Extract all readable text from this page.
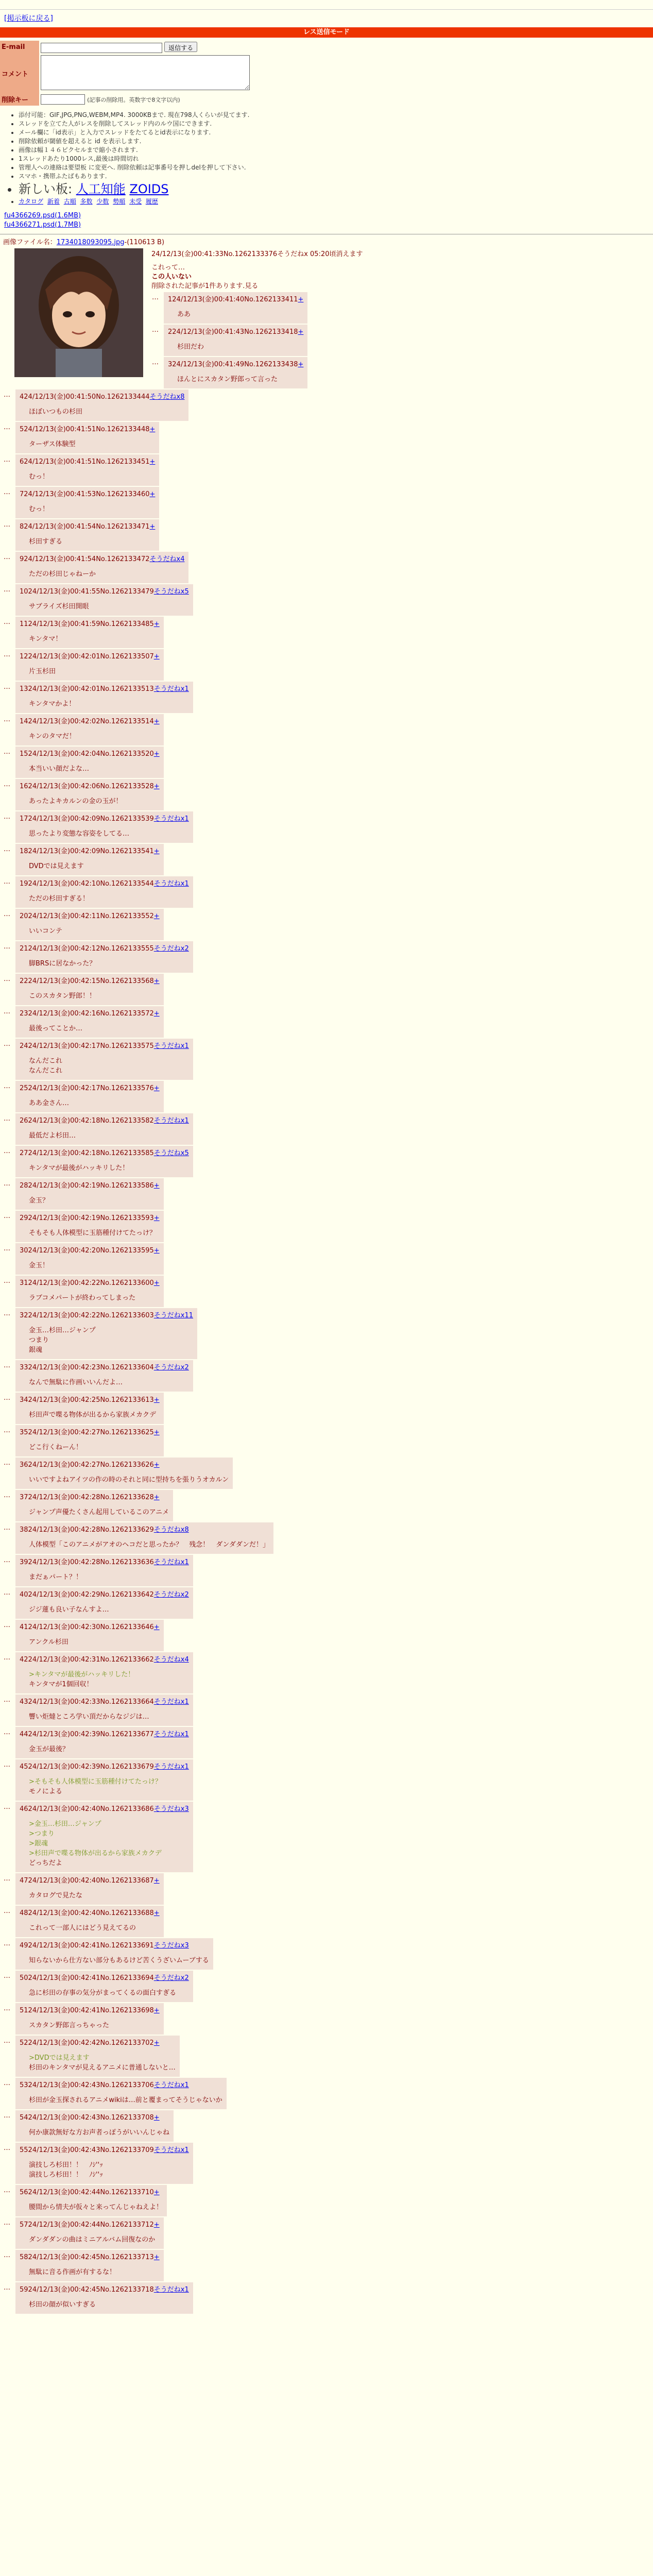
[掲示板に戻る]
レス送信モード
E-mail	返信する
コメント	
削除キー	(記事の削除用。英数字で8文字以内)
• 添付可能：GIF,JPG,PNG,WEBM,MP4. 3000KBまで. 現在798人くらいが見てます.
• スレッドを立てた人がレスを削除してスレッド内のルウ国にできます.
• メール欄に「id表示」と入力でスレッドをたてるとid表示になります.
• 削除依頼が閾値を超えると id を表示します.
• 画像は幅１４６ピクセルまで縮小されます.
• 1スレッドあたり1000レス,最後は時間切れ
• 管理人への連絡は要望板 に変更へ. 削除依頼は記事番号を押しdelを押して下さい.
• スマホ・携帯ふたばもあります.
• 新しい板: 人工知能 ZOIDS
• カタログ 新着 古順 多数 少数 勢順 未受 履歴
fu4366269.psd(1.6MB)
fu4366271.psd(1.7MB)
画像ファイル名：1734018093095.jpg-(110613 B)
24/12/13(金)00:41:33No.1262133376そうだねx 05:20頃消えます
これって…
この人いない
削除された記事が1件あります.見る
…	124/12/13(金)00:41:40No.1262133411+
ああ
…	224/12/13(金)00:41:43No.1262133418+
杉田だわ
…	324/12/13(金)00:41:49No.1262133438+
ほんとにスカタン野郎って言った
…	424/12/13(金)00:41:50No.1262133444そうだねx8
ほぼいつもの杉田
…	524/12/13(金)00:41:51No.1262133448+
ターザス体験型
…	624/12/13(金)00:41:51No.1262133451+
むっ！
…	724/12/13(金)00:41:53No.1262133460+
むっ！
…	824/12/13(金)00:41:54No.1262133471+
杉田すぎる
…	924/12/13(金)00:41:54No.1262133472そうだねx4
ただの杉田じゃねーか
…	1024/12/13(金)00:41:55No.1262133479そうだねx5
サブライズ杉田開眼
…	1124/12/13(金)00:41:59No.1262133485+
キンタマ！
…	1224/12/13(金)00:42:01No.1262133507+
片玉杉田
…	1324/12/13(金)00:42:01No.1262133513そうだねx1
キンタマかよ！
…	1424/12/13(金)00:42:02No.1262133514+
キンのタマだ！
…	1524/12/13(金)00:42:04No.1262133520+
本当いい顔だよな…
…	1624/12/13(金)00:42:06No.1262133528+
あったよキカルンの金の玉が！
…	1724/12/13(金)00:42:09No.1262133539そうだねx1
思ったより変態な容姿をしてる…
…	1824/12/13(金)00:42:09No.1262133541+
DVDでは見えます
…	1924/12/13(金)00:42:10No.1262133544そうだねx1
ただの杉田すぎる！
…	2024/12/13(金)00:42:11No.1262133552+
いいコンテ
…	2124/12/13(金)00:42:12No.1262133555そうだねx2
脚BRSに居なかった？
…	2224/12/13(金)00:42:15No.1262133568+
このスカタン野郎！！
…	2324/12/13(金)00:42:16No.1262133572+
最後ってことか…
…	2424/12/13(金)00:42:17No.1262133575そうだねx1
なんだこれ
なんだこれ
…	2524/12/13(金)00:42:17No.1262133576+
ああ金さん…
…	2624/12/13(金)00:42:18No.1262133582そうだねx1
最低だよ杉田…
…	2724/12/13(金)00:42:18No.1262133585そうだねx5
キンタマが最後がハッキリした！
…	2824/12/13(金)00:42:19No.1262133586+
金玉？
…	2924/12/13(金)00:42:19No.1262133593+
そもそも人体模型に玉筋種付けてたっけ？
…	3024/12/13(金)00:42:20No.1262133595+
金玉！
…	3124/12/13(金)00:42:22No.1262133600+
ラブコメパートが終わってしまった
…	3224/12/13(金)00:42:22No.1262133603そうだねx11
金玉…杉田…ジャンプ
つまり
銀魂
…	3324/12/13(金)00:42:23No.1262133604そうだねx2
なんで無駄に作画いいんだよ…
…	3424/12/13(金)00:42:25No.1262133613+
杉田声で喋る物体が出るから家族メカクデ
…	3524/12/13(金)00:42:27No.1262133625+
どこ行くねーん！
…	3624/12/13(金)00:42:27No.1262133626+
いいですよねアイツの作の時のそれと同に型持ちを張りうオカルン
…	3724/12/13(金)00:42:28No.1262133628+
ジャンプ声優たくさん起用しているこのアニメ
…	3824/12/13(金)00:42:28No.1262133629そうだねx8
人体模型「このアニメがアオのヘコだと思ったか？　残念！　ダンダダンだ！」
…	3924/12/13(金)00:42:28No.1262133636そうだねx1
まだぁパート？！
…	4024/12/13(金)00:42:29No.1262133642そうだねx2
ジジ蓮も良い子なんすよ…
…	4124/12/13(金)00:42:30No.1262133646+
アンクル杉田
…	4224/12/13(金)00:42:31No.1262133662そうだねx4
>キンタマが最後がハッキリした！
キンタマが1個回収！
…	4324/12/13(金)00:42:33No.1262133664そうだねx1
響い炬燵ところ学い頂だからなジジは…
…	4424/12/13(金)00:42:39No.1262133677そうだねx1
金玉が最後？
…	4524/12/13(金)00:42:39No.1262133679そうだねx1
>そもそも人体模型に玉筋種付けてたっけ？
モノによる
…	4624/12/13(金)00:42:40No.1262133686そうだねx3
>金玉…杉田…ジャンプ
>つまり
>銀魂
>杉田声で喋る物体が出るから家族メカクデ
どっちだよ
…	4724/12/13(金)00:42:40No.1262133687+
カタログで見たな
…	4824/12/13(金)00:42:40No.1262133688+
これって一部人にはどう見えてるの
…	4924/12/13(金)00:42:41No.1262133691そうだねx3
知らないから仕方ない部分もあるけど苦くうざいムーブする
…	5024/12/13(金)00:42:41No.1262133694そうだねx2
急に杉田の存事の気分がまってくるの面白すぎる
…	5124/12/13(金)00:42:41No.1262133698+
スカタン野郎言っちゃった
…	5224/12/13(金)00:42:42No.1262133702+
>DVDでは見えます
杉田のキンタマが見えるアニメに普通しないと…
…	5324/12/13(金)00:42:43No.1262133706そうだねx1
杉田が金玉探されるアニメwikiは…前と覆まってそうじゃないか
…	5424/12/13(金)00:42:43No.1262133708+
何か康款無好な方お声者っぽうがいいんじゃね
…	5524/12/13(金)00:42:43No.1262133709そうだねx1
演技しろ杉田！！　ﾉｼ''ｯ
演技しろ杉田！！　ﾉｼ''ｯ
…	5624/12/13(金)00:42:44No.1262133710+
腰間から情夫が仮々と来ってんじゃねえよ！
…	5724/12/13(金)00:42:44No.1262133712+
ダンダダンの曲はミニアルバム回復なのか
…	5824/12/13(金)00:42:45No.1262133713+
無駄に音る作画が有するな！
…	5924/12/13(金)00:42:45No.1262133718そうだねx1
杉田の顔が似いすぎる
